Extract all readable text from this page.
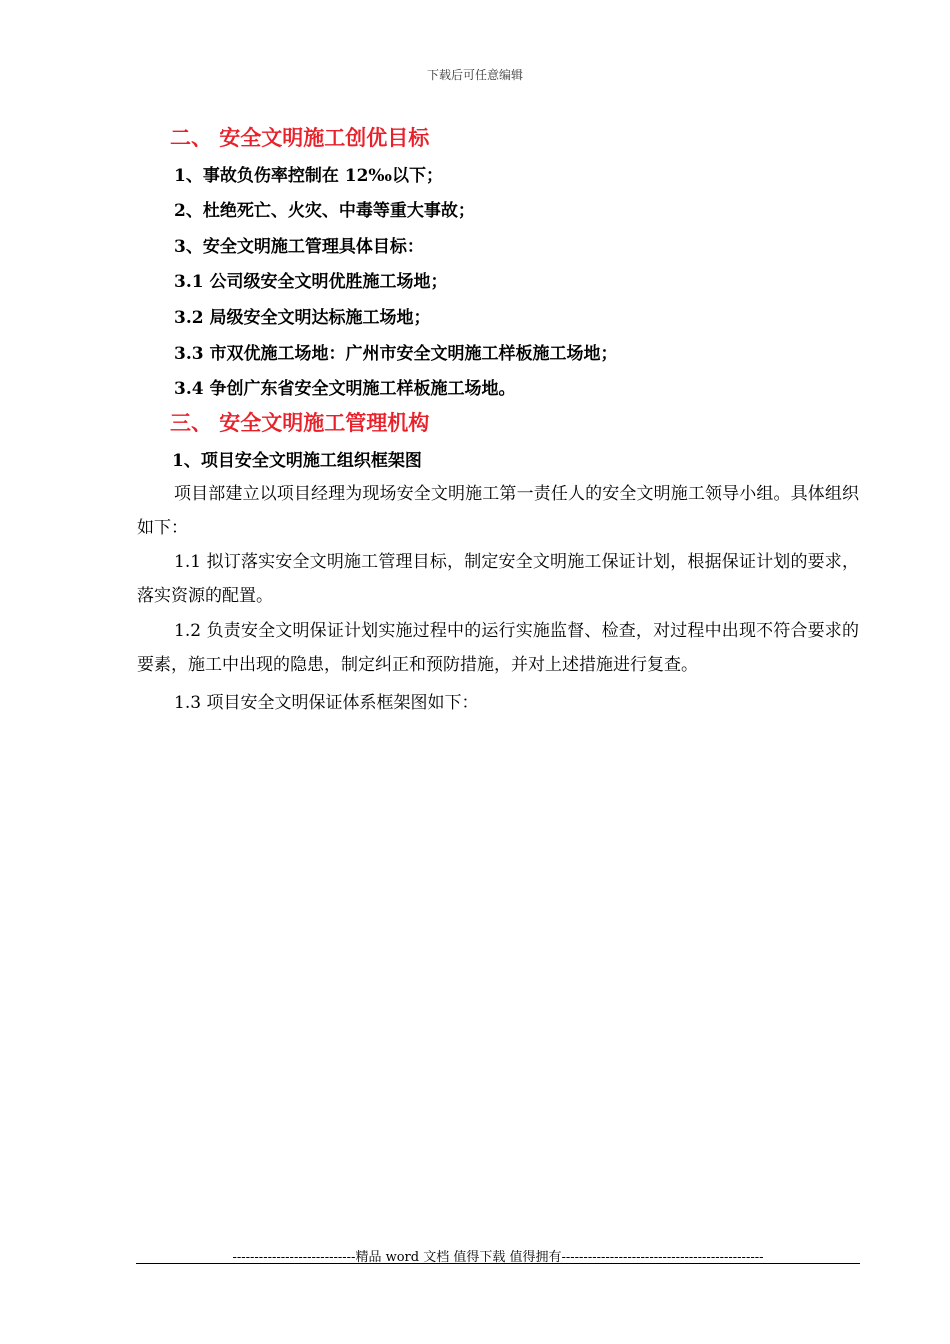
下载后可任意编辑
二、 安全文明施工创优目标
1、事故负伤率控制在 12‰以下；
2、杜绝死亡、火灾、中毒等重大事故；
3、安全文明施工管理具体目标：
3.1 公司级安全文明优胜施工场地；
3.2 局级安全文明达标施工场地；
3.3 市双优施工场地：广州市安全文明施工样板施工场地；
3.4 争创广东省安全文明施工样板施工场地。
三、 安全文明施工管理机构
1、项目安全文明施工组织框架图
项目部建立以项目经理为现场安全文明施工第一责任人的安全文明施工领导小组。具体组织如下：
1.1 拟订落实安全文明施工管理目标，制定安全文明施工保证计划，根据保证计划的要求，落实资源的配置。
1.2 负责安全文明保证计划实施过程中的运行实施监督、检查，对过程中出现不符合要求的要素，施工中出现的隐患，制定纠正和预防措施，并对上述措施进行复查。
1.3 项目安全文明保证体系框架图如下：
----------------------------精品 word 文档 值得下载 值得拥有----------------------------------------------
